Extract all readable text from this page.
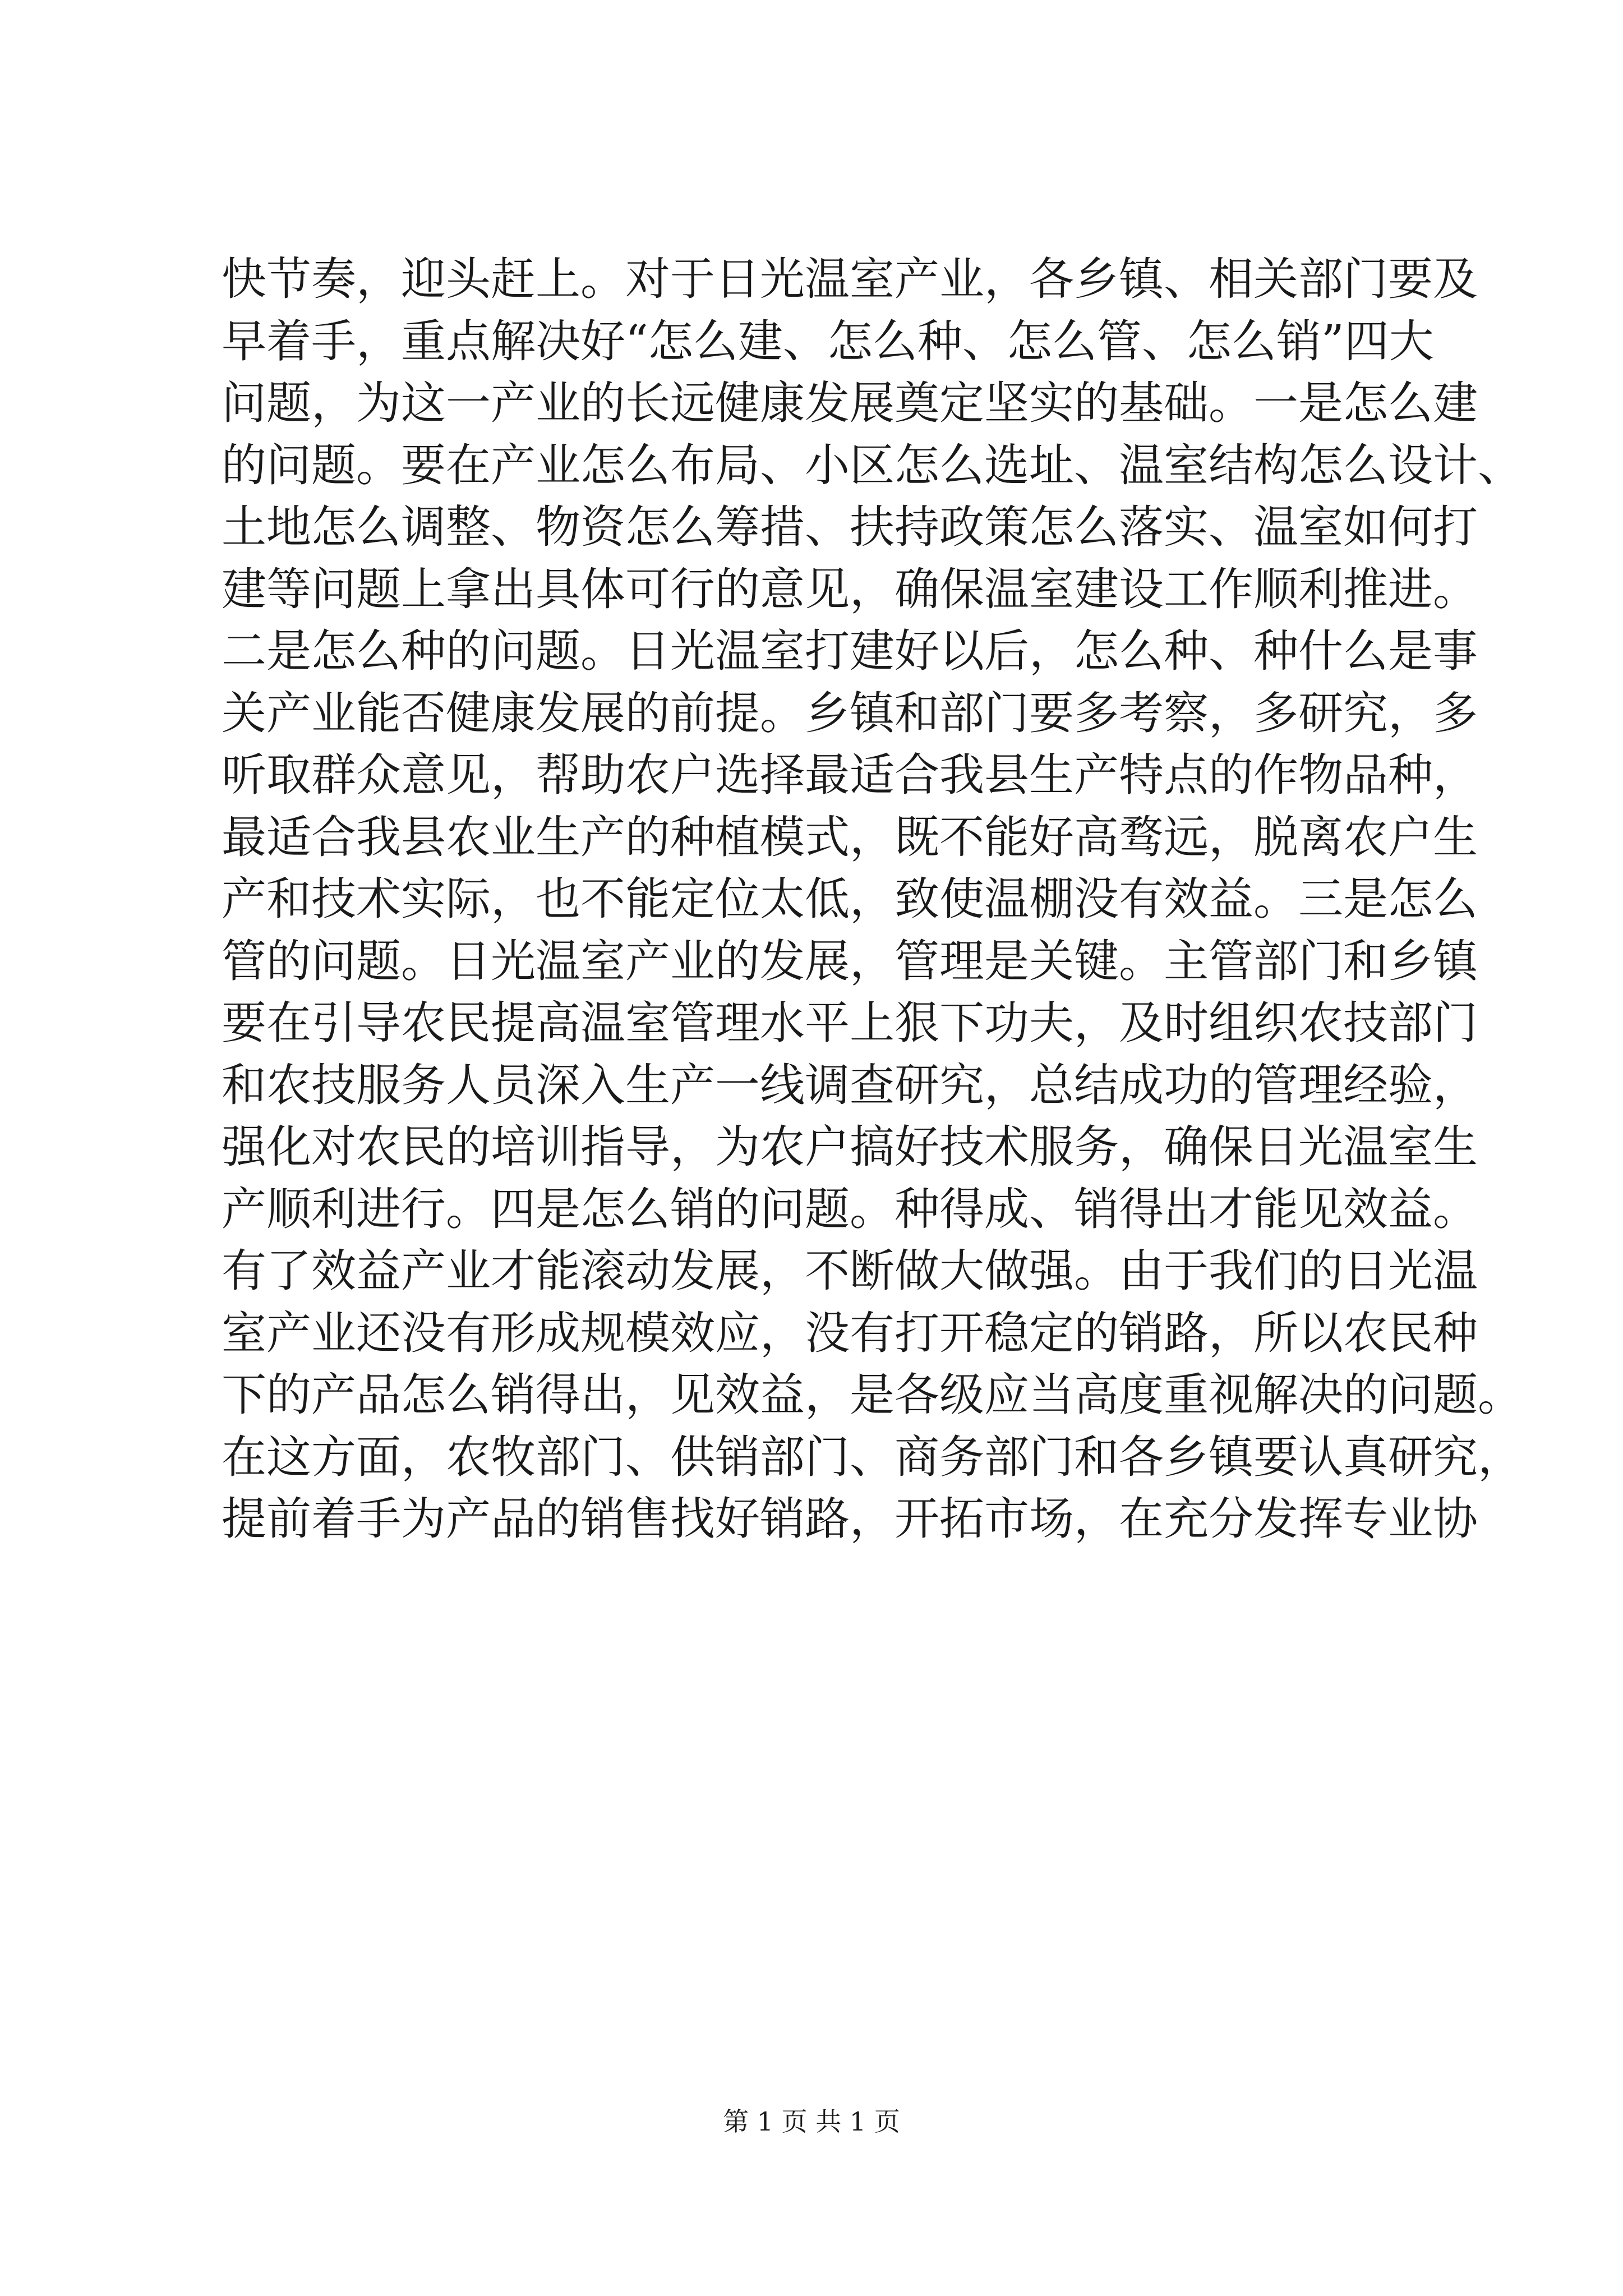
快节奏，迎头赶上。对于日光温室产业，各乡镇、相关部门要及
早着手，重点解决好“怎么建、怎么种、怎么管、怎么销”四大
问题，为这一产业的长远健康发展奠定坚实的基础。一是怎么建
的问题。要在产业怎么布局、小区怎么选址、温室结构怎么设计、
土地怎么调整、物资怎么筹措、扶持政策怎么落实、温室如何打
建等问题上拿出具体可行的意见，确保温室建设工作顺利推进。
二是怎么种的问题。日光温室打建好以后，怎么种、种什么是事
关产业能否健康发展的前提。乡镇和部门要多考察，多研究，多
听取群众意见，帮助农户选择最适合我县生产特点的作物品种，
最适合我县农业生产的种植模式，既不能好高骛远，脱离农户生
产和技术实际，也不能定位太低，致使温棚没有效益。三是怎么
管的问题。日光温室产业的发展，管理是关键。主管部门和乡镇
要在引导农民提高温室管理水平上狠下功夫，及时组织农技部门
和农技服务人员深入生产一线调查研究，总结成功的管理经验，
强化对农民的培训指导，为农户搞好技术服务，确保日光温室生
产顺利进行。四是怎么销的问题。种得成、销得出才能见效益。
有了效益产业才能滚动发展，不断做大做强。由于我们的日光温
室产业还没有形成规模效应，没有打开稳定的销路，所以农民种
下的产品怎么销得出，见效益，是各级应当高度重视解决的问题。
在这方面，农牧部门、供销部门、商务部门和各乡镇要认真研究，
提前着手为产品的销售找好销路，开拓市场，在充分发挥专业协
第 1 页 共 1 页
